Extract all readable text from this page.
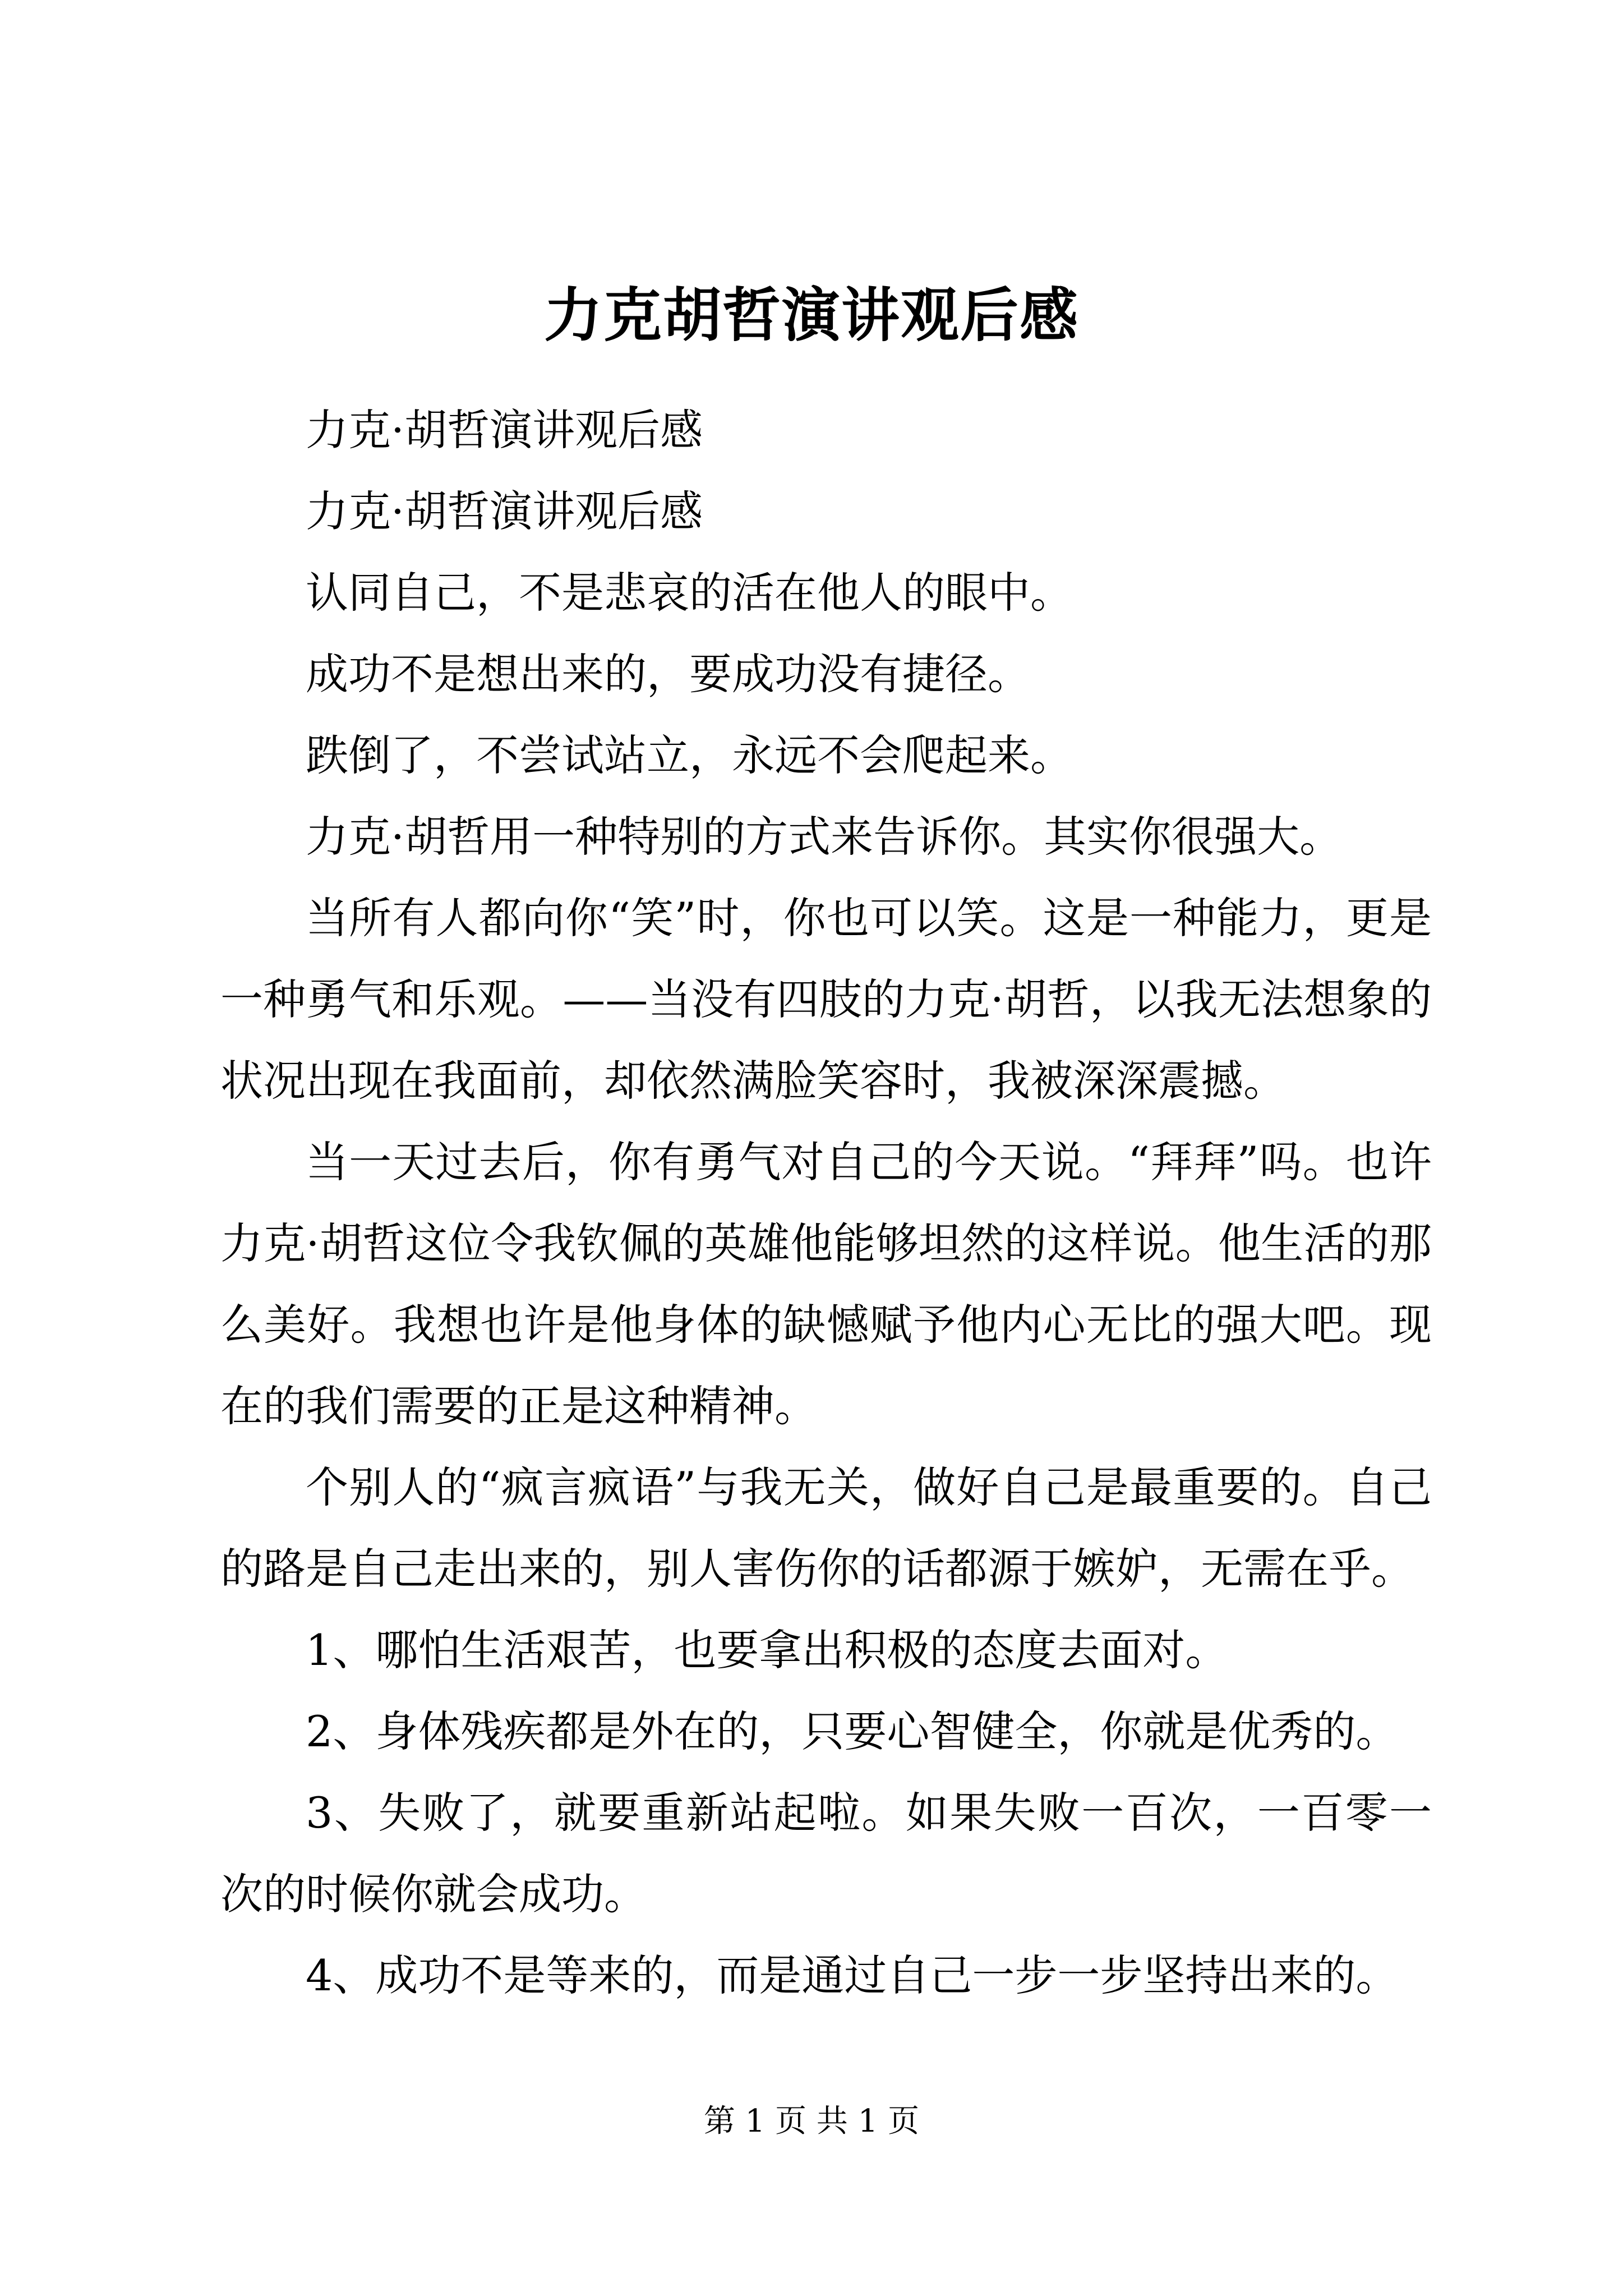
力克胡哲演讲观后感

力克·胡哲演讲观后感

力克·胡哲演讲观后感

认同自己，不是悲哀的活在他人的眼中。

成功不是想出来的，要成功没有捷径。

跌倒了，不尝试站立，永远不会爬起来。

力克·胡哲用一种特别的方式来告诉你。其实你很强大。

当所有人都向你“笑”时，你也可以笑。这是一种能力，更是一种勇气和乐观。——当没有四肢的力克·胡哲，以我无法想象的状况出现在我面前，却依然满脸笑容时，我被深深震撼。

当一天过去后，你有勇气对自己的今天说。“拜拜”吗。也许力克·胡哲这位令我钦佩的英雄他能够坦然的这样说。他生活的那么美好。我想也许是他身体的缺憾赋予他内心无比的强大吧。现在的我们需要的正是这种精神。

个别人的“疯言疯语”与我无关，做好自己是最重要的。自己的路是自己走出来的，别人害伤你的话都源于嫉妒，无需在乎。

1、哪怕生活艰苦，也要拿出积极的态度去面对。

2、身体残疾都是外在的，只要心智健全，你就是优秀的。

3、失败了，就要重新站起啦。如果失败一百次，一百零一次的时候你就会成功。

4、成功不是等来的，而是通过自己一步一步坚持出来的。

第 1 页 共 1 页
